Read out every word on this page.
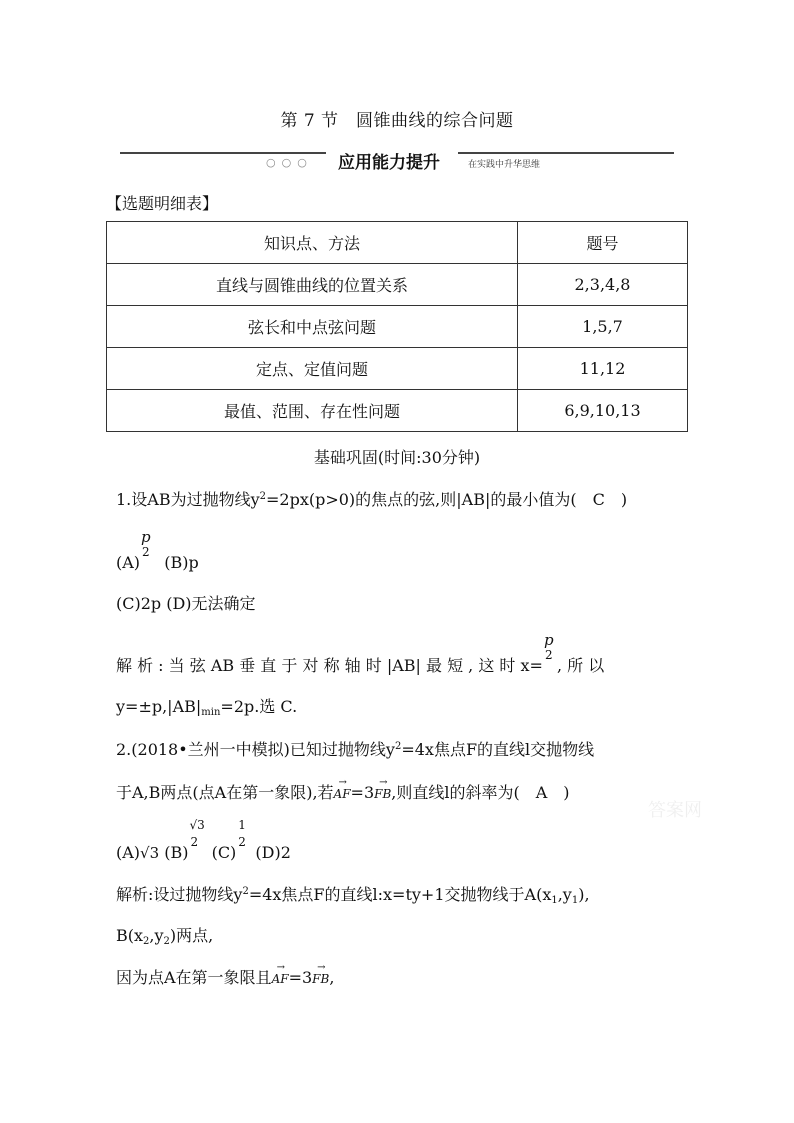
第 7 节　圆锥曲线的综合问题
○○○ 应用能力提升	在实践中升华思维
【选题明细表】
知识点、方法	题号
直线与圆锥曲线的位置关系	2,3,4,8
弦长和中点弦问题	1,5,7
定点、定值问题	11,12
最值、范围、存在性问题	6,9,10,13
基础巩固(时间:30分钟)
1.设AB为过抛物线$y^2=2px(p>0)$的焦点的弦,则|AB|的最小值为(　C　)
(A)
p
2
(B)p
(C)2p (D)无法确定
解 析 : 当 弦 AB 垂 直 于 对 称 轴 时 |AB| 最 短 , 这 时 x=
p
2
, 所 以
$y=\pm p,|AB|_{min}=2p$.选 C.
2.(2018•兰州一中模拟)已知过抛物线$y^2=4x$焦点F的直线l交抛物线
于A,B两点(点A在第一象限),若
→
AF=3
→
FB,则直线l的斜率为(　A　)
(A)√3 (B)
√3
2
(C)
1
2
(D)2
解析:设过抛物线$y^2=4x$焦点F的直线l:x=ty+1交抛物线于$A(x_1,y_1)$,
$B(x_2,y_2)$两点,
因为点A在第一象限且
→
AF=3
→
FB,
答案网
